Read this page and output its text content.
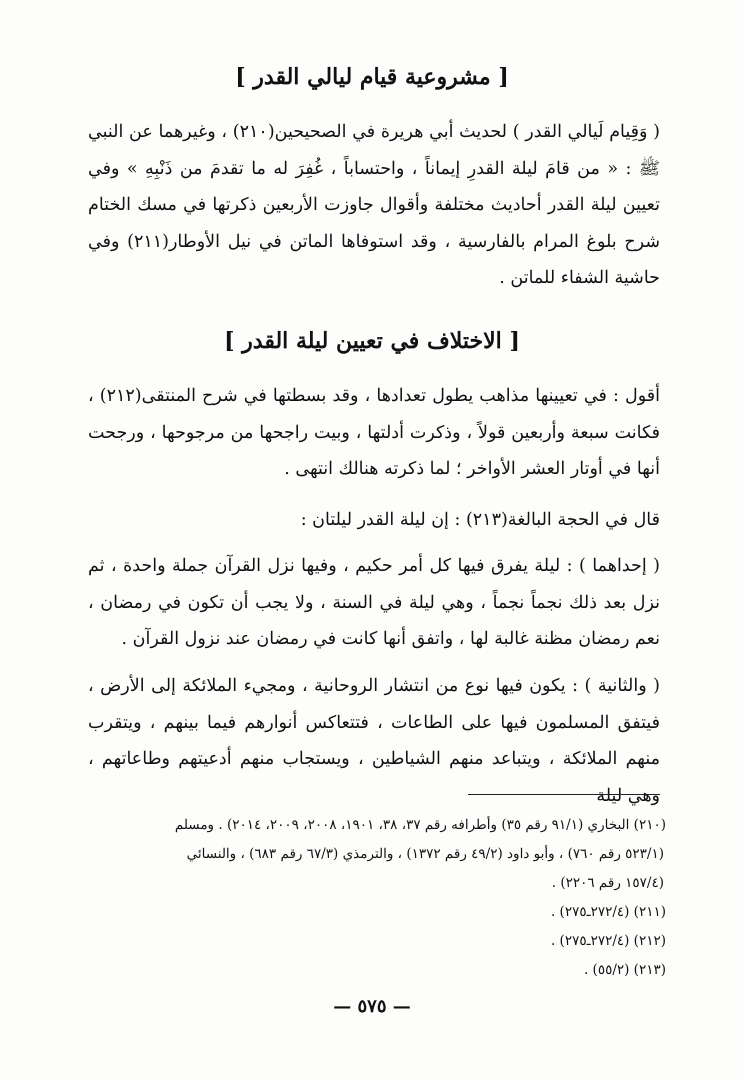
[ مشروعية قيام ليالي القدر ]
( وَقِيام لَيالي القدر ) لحديث أبي هريرة في الصحيحين(٢١٠) ، وغيرهما عن النبي ﷺ : « من قامَ ليلة القدرِ إيماناً ، واحتساباً ، غُفِرَ له ما تقدمَ من ذَنْبِهِ » وفي تعيين ليلة القدر أحاديث مختلفة وأقوال جاوزت الأربعين ذكرتها في مسك الختام شرح بلوغ المرام بالفارسية ، وقد استوفاها الماتن في نيل الأوطار(٢١١) وفي حاشية الشفاء للماتن .
[ الاختلاف في تعيين ليلة القدر ]
أقول : في تعيينها مذاهب يطول تعدادها ، وقد بسطتها في شرح المنتقى(٢١٢) ، فكانت سبعة وأربعين قولاً ، وذكرت أدلتها ، وبيت راجحها من مرجوحها ، ورجحت أنها في أوتار العشر الأواخر ؛ لما ذكرته هنالك انتهى .
قال في الحجة البالغة(٢١٣) : إن ليلة القدر ليلتان :
( إحداهما ) : ليلة يفرق فيها كل أمر حكيم ، وفيها نزل القرآن جملة واحدة ، ثم نزل بعد ذلك نجماً نجماً ، وهي ليلة في السنة ، ولا يجب أن تكون في رمضان ، نعم رمضان مظنة غالبة لها ، واتفق أنها كانت في رمضان عند نزول القرآن .
( والثانية ) : يكون فيها نوع من انتشار الروحانية ، ومجيء الملائكة إلى الأرض ، فيتفق المسلمون فيها على الطاعات ، فتتعاكس أنوارهم فيما بينهم ، ويتقرب منهم الملائكة ، ويتباعد منهم الشياطين ، ويستجاب منهم أدعيتهم وطاعاتهم ، وهي ليلة
(٢١٠) البخاري (٩١/١ رقم ٣٥) وأطرافه رقم ٣٧، ٣٨، ١٩٠١، ٢٠٠٨، ٢٠٠٩، ٢٠١٤) . ومسلم
(٥٢٣/١ رقم ٧٦٠) ، وأبو داود (٤٩/٢ رقم ١٣٧٢) ، والترمذي (٦٧/٣ رقم ٦٨٣) ، والنسائي
(١٥٧/٤ رقم ٢٢٠٦) .
(٢١١) (٢٧٢/٤ـ٢٧٥) .
(٢١٢) (٢٧٢/٤ـ٢٧٥) .
(٢١٣) (٥٥/٢) .
— ٥٧٥ —
